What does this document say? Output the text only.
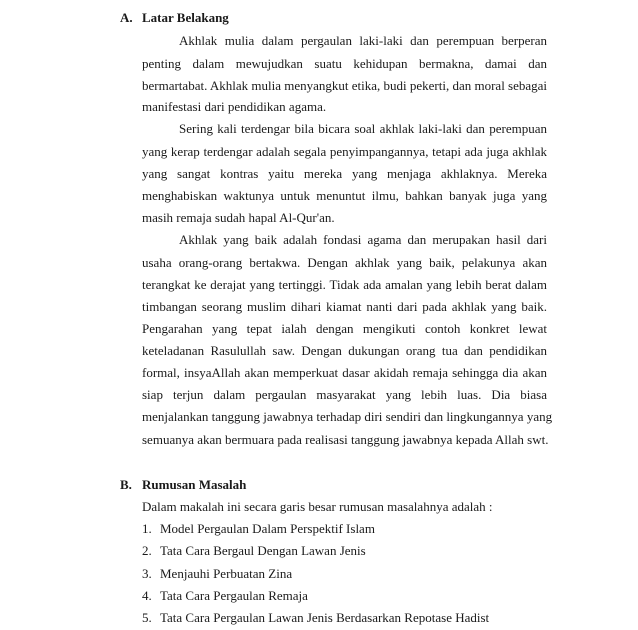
A. Latar Belakang
Akhlak mulia dalam pergaulan laki-laki dan perempuan berperan
penting dalam mewujudkan suatu kehidupan bermakna, damai dan
bermartabat. Akhlak mulia menyangkut etika, budi pekerti, dan moral sebagai
manifestasi dari pendidikan agama.
Sering kali terdengar bila bicara soal akhlak laki-laki dan perempuan
yang kerap terdengar adalah segala penyimpangannya, tetapi ada juga akhlak
yang sangat kontras yaitu mereka yang menjaga akhlaknya. Mereka
menghabiskan waktunya untuk menuntut ilmu, bahkan banyak juga yang
masih remaja sudah hapal Al-Qur'an.
Akhlak yang baik adalah fondasi agama dan merupakan hasil dari
usaha orang-orang bertakwa. Dengan akhlak yang baik, pelakunya akan
terangkat ke derajat yang tertinggi. Tidak ada amalan yang lebih berat dalam
timbangan seorang muslim dihari kiamat nanti dari pada akhlak yang baik.
Pengarahan yang tepat ialah dengan mengikuti contoh konkret lewat
keteladanan Rasulullah saw. Dengan dukungan orang tua dan pendidikan
formal, insyaAllah akan memperkuat dasar akidah remaja sehingga dia akan
siap terjun dalam pergaulan masyarakat yang lebih luas. Dia biasa
menjalankan tanggung jawabnya terhadap diri sendiri dan lingkungannya yang
semuanya akan bermuara pada realisasi tanggung jawabnya kepada Allah swt.
B. Rumusan Masalah
Dalam makalah ini secara garis besar rumusan masalahnya adalah :
1. Model Pergaulan Dalam Perspektif Islam
2. Tata Cara Bergaul Dengan Lawan Jenis
3. Menjauhi Perbuatan Zina
4. Tata Cara Pergaulan Remaja
5. Tata Cara Pergaulan Lawan Jenis Berdasarkan Repotase Hadist
